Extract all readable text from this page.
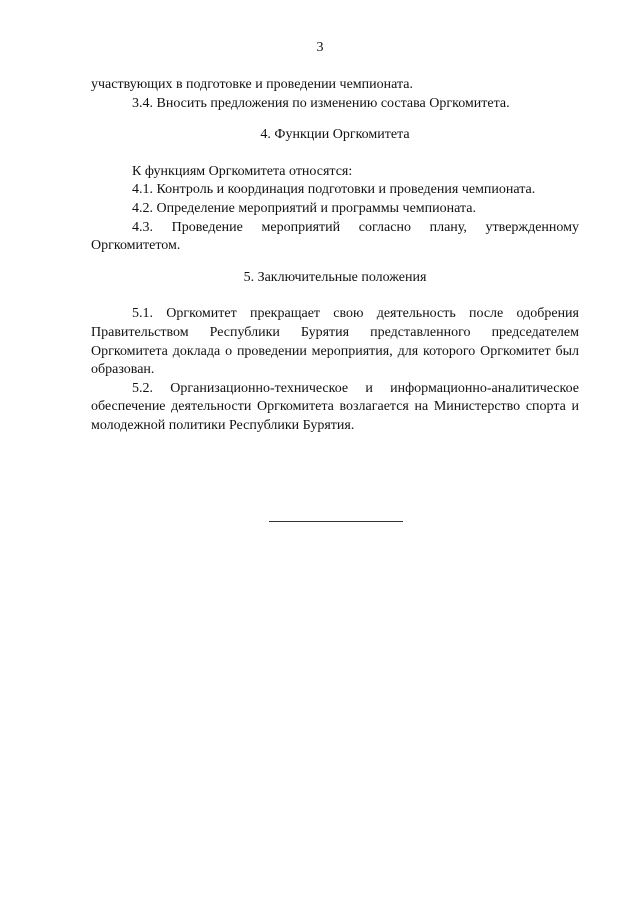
3

участвующих в подготовке и проведении чемпионата.

3.4. Вносить предложения по изменению состава Оргкомитета.

4. Функции Оргкомитета

К функциям Оргкомитета относятся:

4.1. Контроль и координация подготовки и проведения чемпионата.

4.2. Определение мероприятий и программы чемпионата.

4.3. Проведение мероприятий согласно плану, утвержденному Оргкомитетом.

5. Заключительные положения

5.1. Оргкомитет прекращает свою деятельность после одобрения Правительством Республики Бурятия представленного председателем Оргкомитета доклада о проведении мероприятия, для которого Оргкомитет был образован.

5.2. Организационно-техническое и информационно-аналитическое обеспечение деятельности Оргкомитета возлагается на Министерство спорта и молодежной политики Республики Бурятия.
